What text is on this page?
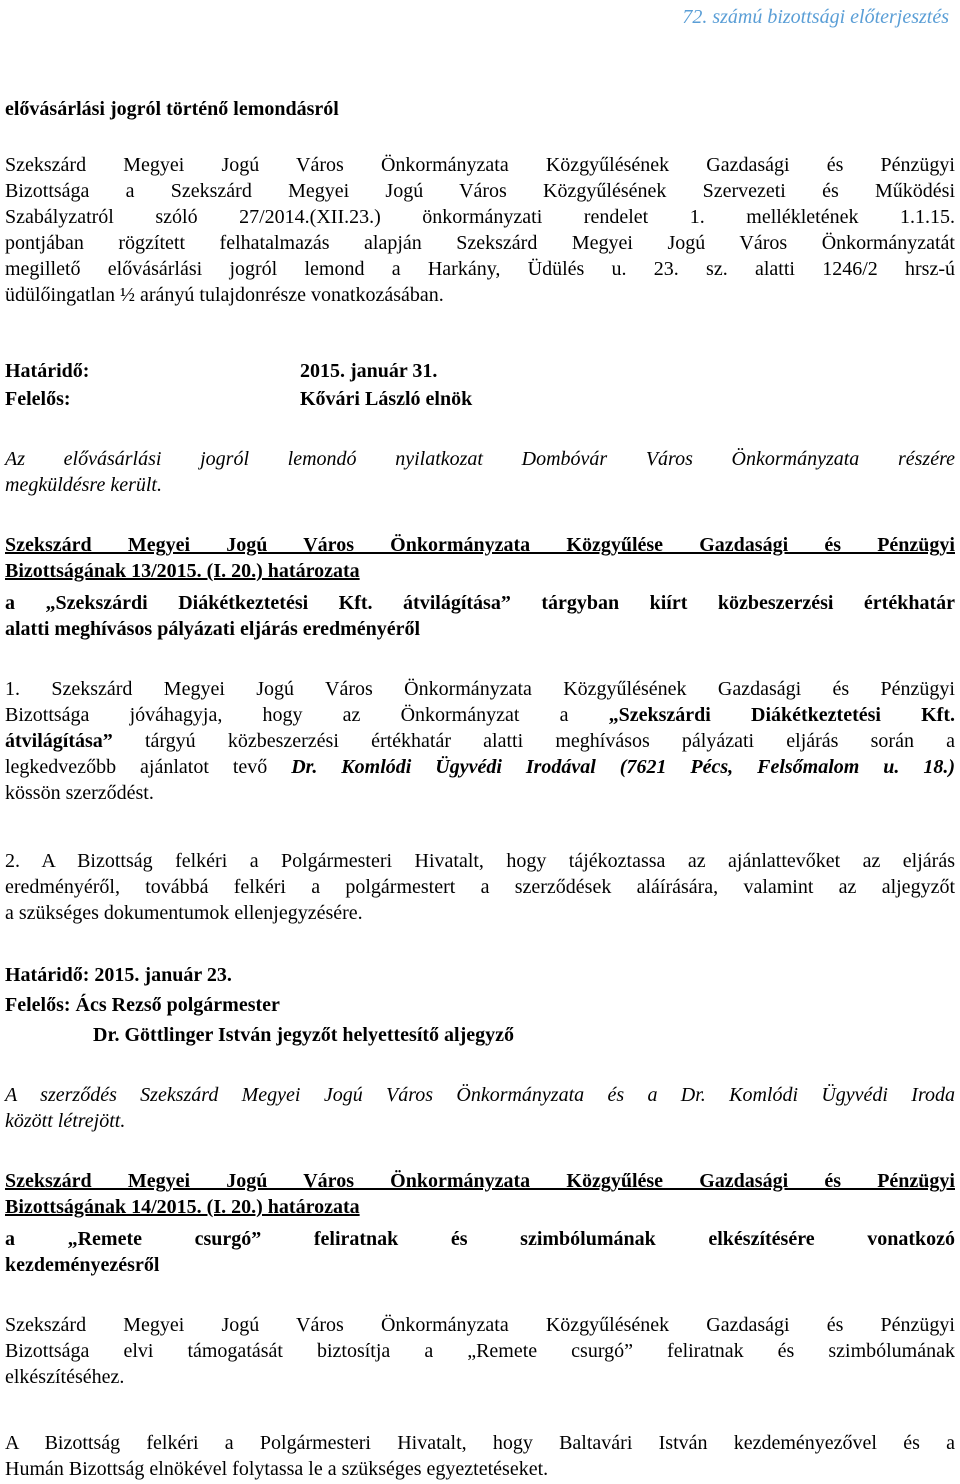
72. számú bizottsági előterjesztés
elővásárlási jogról történő lemondásról
Szekszárd Megyei Jogú Város Önkormányzata Közgyűlésének Gazdasági és Pénzügyi
Bizottsága a Szekszárd Megyei Jogú Város Közgyűlésének Szervezeti és Működési
Szabályzatról szóló 27/2014.(XII.23.) önkormányzati rendelet 1. mellékletének 1.1.15.
pontjában rögzített felhatalmazás alapján Szekszárd Megyei Jogú Város Önkormányzatát
megillető elővásárlási jogról lemond a Harkány, Üdülés u. 23. sz. alatti 1246/2 hrsz-ú
üdülőingatlan ½ arányú tulajdonrésze vonatkozásában.
Határidő:	2015. január 31.
Felelős:	Kővári László elnök
Az elővásárlási jogról lemondó nyilatkozat Dombóvár Város Önkormányzata részére
megküldésre került.
Szekszárd Megyei Jogú Város Önkormányzata Közgyűlése Gazdasági és Pénzügyi
Bizottságának 13/2015. (I. 20.) határozata
a „Szekszárdi Diákétkeztetési Kft. átvilágítása” tárgyban kiírt közbeszerzési értékhatár
alatti meghívásos pályázati eljárás eredményéről
1. Szekszárd Megyei Jogú Város Önkormányzata Közgyűlésének Gazdasági és Pénzügyi
Bizottsága jóváhagyja, hogy az Önkormányzat a „Szekszárdi Diákétkeztetési Kft.
átvilágítása” tárgyú közbeszerzési értékhatár alatti meghívásos pályázati eljárás során a
legkedvezőbb ajánlatot tevő Dr. Komlódi Ügyvédi Irodával (7621 Pécs, Felsőmalom u. 18.)
kössön szerződést.
2. A Bizottság felkéri a Polgármesteri Hivatalt, hogy tájékoztassa az ajánlattevőket az eljárás
eredményéről, továbbá felkéri a polgármestert a szerződések aláírására, valamint az aljegyzőt
a szükséges dokumentumok ellenjegyzésére.
Határidő: 2015. január 23.
Felelős: Ács Rezső polgármester
Dr. Göttlinger István jegyzőt helyettesítő aljegyző
A szerződés Szekszárd Megyei Jogú Város Önkormányzata és a Dr. Komlódi Ügyvédi Iroda
között létrejött.
Szekszárd Megyei Jogú Város Önkormányzata Közgyűlése Gazdasági és Pénzügyi
Bizottságának 14/2015. (I. 20.) határozata
a „Remete csurgó” feliratnak és szimbólumának elkészítésére vonatkozó
kezdeményezésről
Szekszárd Megyei Jogú Város Önkormányzata Közgyűlésének Gazdasági és Pénzügyi
Bizottsága elvi támogatását biztosítja a „Remete csurgó” feliratnak és szimbólumának
elkészítéséhez.
A Bizottság felkéri a Polgármesteri Hivatalt, hogy Baltavári István kezdeményezővel és a
Humán Bizottság elnökével folytassa le a szükséges egyeztetéseket.
